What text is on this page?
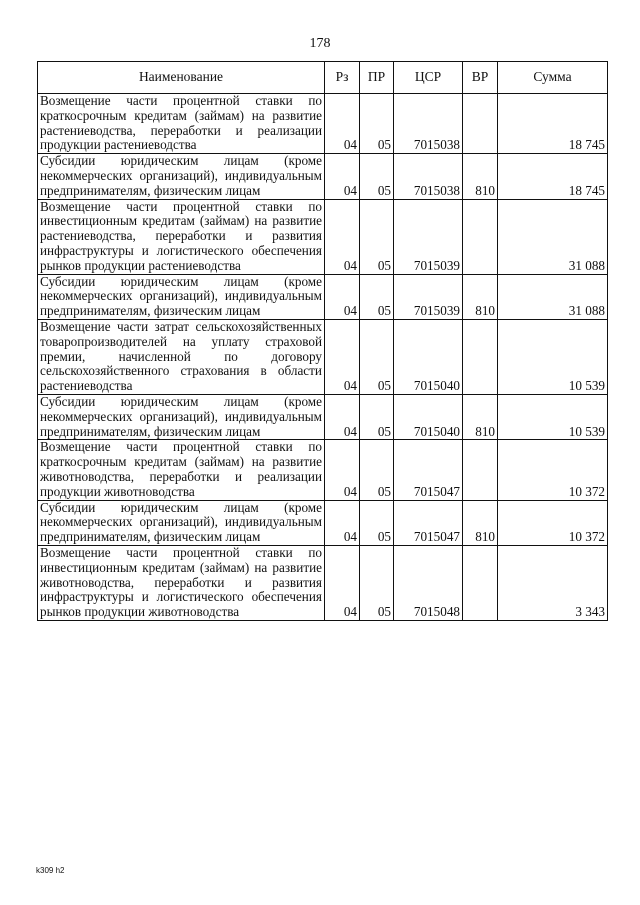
178
Наименование	Рз	ПР	ЦСР	ВР	Сумма
Возмещение части процентной ставки по краткосрочным кредитам (займам) на развитие растениеводства, переработки и реализации продукции растениеводства	04	05	7015038		18 745
Субсидии юридическим лицам (кроме некоммерческих организаций), индивидуальным предпринимателям, физическим лицам	04	05	7015038	810	18 745
Возмещение части процентной ставки по инвестиционным кредитам (займам) на развитие растениеводства, переработки и развития инфраструктуры и логистического обеспечения рынков продукции растениеводства	04	05	7015039		31 088
Субсидии юридическим лицам (кроме некоммерческих организаций), индивидуальным предпринимателям, физическим лицам	04	05	7015039	810	31 088
Возмещение части затрат сельскохозяйственных товаропроизводителей на уплату страховой премии, начисленной по договору сельскохозяйственного страхования в области растениеводства	04	05	7015040		10 539
Субсидии юридическим лицам (кроме некоммерческих организаций), индивидуальным предпринимателям, физическим лицам	04	05	7015040	810	10 539
Возмещение части процентной ставки по краткосрочным кредитам (займам) на развитие животноводства, переработки и реализации продукции животноводства	04	05	7015047		10 372
Субсидии юридическим лицам (кроме некоммерческих организаций), индивидуальным предпринимателям, физическим лицам	04	05	7015047	810	10 372
Возмещение части процентной ставки по инвестиционным кредитам (займам) на развитие животноводства, переработки и развития инфраструктуры и логистического обеспечения рынков продукции животноводства	04	05	7015048		3 343
k309 h2
